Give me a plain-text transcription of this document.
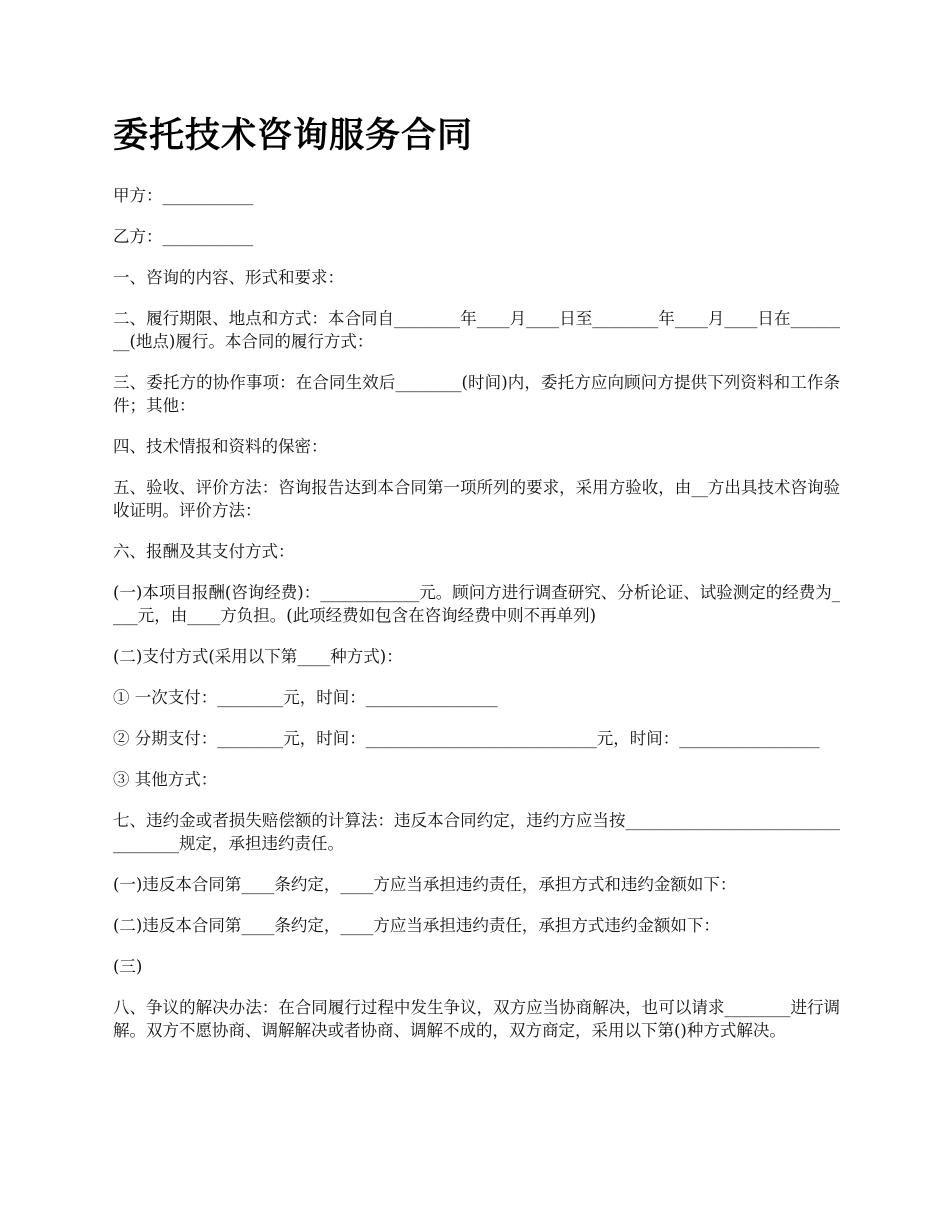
委托技术咨询服务合同

甲方：___________

乙方：___________

一、咨询的内容、形式和要求：

二、履行期限、地点和方式：本合同自________年____月____日至________年____月____日在________(地点)履行。本合同的履行方式：

三、委托方的协作事项：在合同生效后________(时间)内，委托方应向顾问方提供下列资料和工作条件；其他：

四、技术情报和资料的保密：

五、验收、评价方法：咨询报告达到本合同第一项所列的要求，采用方验收，由__方出具技术咨询验收证明。评价方法：

六、报酬及其支付方式：

(一)本项目报酬(咨询经费)：____________元。顾问方进行调查研究、分析论证、试验测定的经费为____元，由____方负担。(此项经费如包含在咨询经费中则不再单列)

(二)支付方式(采用以下第____种方式)：

① 一次支付：________元，时间：________________

② 分期支付：________元，时间：____________________________元，时间：_________________

③ 其他方式：

七、违约金或者损失赔偿额的计算法：违反本合同约定，违约方应当按__________________________________规定，承担违约责任。

(一)违反本合同第____条约定，____方应当承担违约责任，承担方式和违约金额如下：

(二)违反本合同第____条约定，____方应当承担违约责任，承担方式违约金额如下：

(三)

八、争议的解决办法：在合同履行过程中发生争议，双方应当协商解决，也可以请求________进行调解。双方不愿协商、调解解决或者协商、调解不成的，双方商定，采用以下第()种方式解决。
